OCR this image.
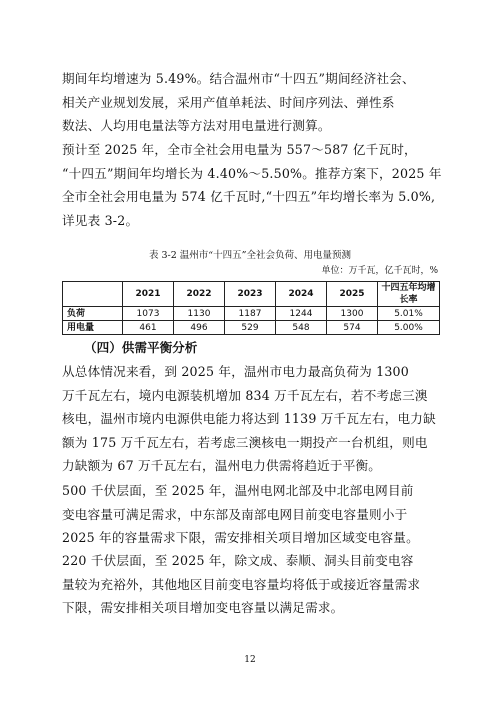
期间年均增速为 5.49%。结合温州市“十四五”期间经济社会、
相关产业规划发展，采用产值单耗法、时间序列法、弹性系
数法、人均用电量法等方法对用电量进行测算。
预计至 2025 年，全市全社会用电量为 557～587 亿千瓦时，
“十四五”期间年均增长为 4.40%～5.50%。推荐方案下，2025 年
全市全社会用电量为 574 亿千瓦时,“十四五”年均增长率为 5.0%,
详见表 3-2。
表 3-2 温州市“十四五”全社会负荷、用电量预测
单位：万千瓦，亿千瓦时，%
	2021	2022	2023	2024	2025	十四五年均增长率
负荷	1073	1130	1187	1244	1300	5.01%
用电量	461	496	529	548	574	5.00%
（四）供需平衡分析
从总体情况来看，到 2025 年，温州市电力最高负荷为 1300
万千瓦左右，境内电源装机增加 834 万千瓦左右，若不考虑三澳
核电，温州市境内电源供电能力将达到 1139 万千瓦左右，电力缺
额为 175 万千瓦左右，若考虑三澳核电一期投产一台机组，则电
力缺额为 67 万千瓦左右，温州电力供需将趋近于平衡。
500 千伏层面，至 2025 年，温州电网北部及中北部电网目前
变电容量可满足需求，中东部及南部电网目前变电容量则小于
2025 年的容量需求下限，需安排相关项目增加区域变电容量。
220 千伏层面，至 2025 年，除文成、泰顺、洞头目前变电容
量较为充裕外，其他地区目前变电容量均将低于或接近容量需求
下限，需安排相关项目增加变电容量以满足需求。
12
